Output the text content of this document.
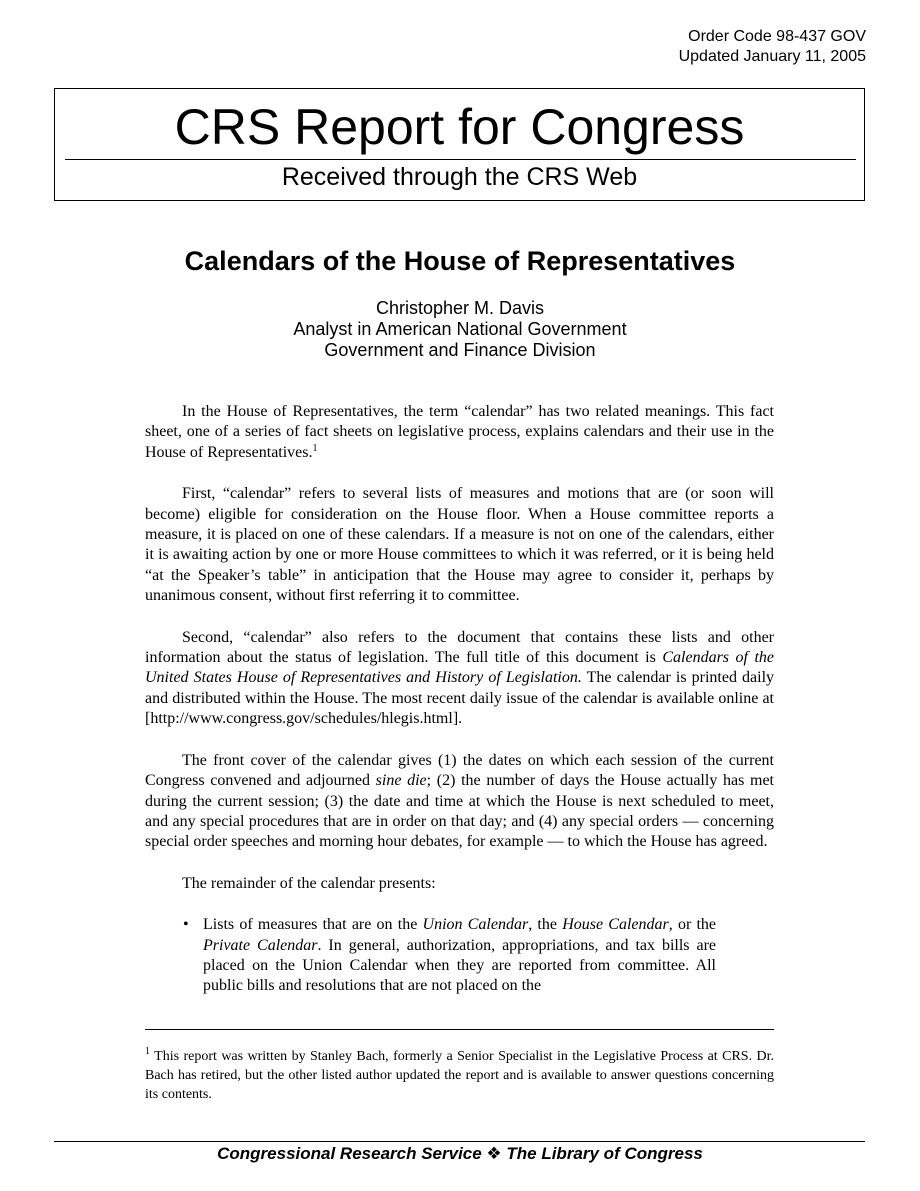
Order Code 98-437 GOV
Updated January 11, 2005
CRS Report for Congress
Received through the CRS Web
Calendars of the House of Representatives
Christopher M. Davis
Analyst in American National Government
Government and Finance Division

In the House of Representatives, the term “calendar” has two related meanings. This fact sheet, one of a series of fact sheets on legislative process, explains calendars and their use in the House of Representatives.$^1$

First, “calendar” refers to several lists of measures and motions that are (or soon will become) eligible for consideration on the House floor. When a House committee reports a measure, it is placed on one of these calendars. If a measure is not on one of the calendars, either it is awaiting action by one or more House committees to which it was referred, or it is being held “at the Speaker’s table” in anticipation that the House may agree to consider it, perhaps by unanimous consent, without first referring it to committee.

Second, “calendar” also refers to the document that contains these lists and other information about the status of legislation. The full title of this document is Calendars of the United States House of Representatives and History of Legislation. The calendar is printed daily and distributed within the House. The most recent daily issue of the calendar is available online at [http://www.congress.gov/schedules/hlegis.html].

The front cover of the calendar gives (1) the dates on which each session of the current Congress convened and adjourned sine die; (2) the number of days the House actually has met during the current session; (3) the date and time at which the House is next scheduled to meet, and any special procedures that are in order on that day; and (4) any special orders — concerning special order speeches and morning hour debates, for example — to which the House has agreed.

The remainder of the calendar presents:

• Lists of measures that are on the Union Calendar, the House Calendar, or the Private Calendar. In general, authorization, appropriations, and tax bills are placed on the Union Calendar when they are reported from committee. All public bills and resolutions that are not placed on the
$^1$ This report was written by Stanley Bach, formerly a Senior Specialist in the Legislative Process at CRS. Dr. Bach has retired, but the other listed author updated the report and is available to answer questions concerning its contents.
Congressional Research Service ❖ The Library of Congress
